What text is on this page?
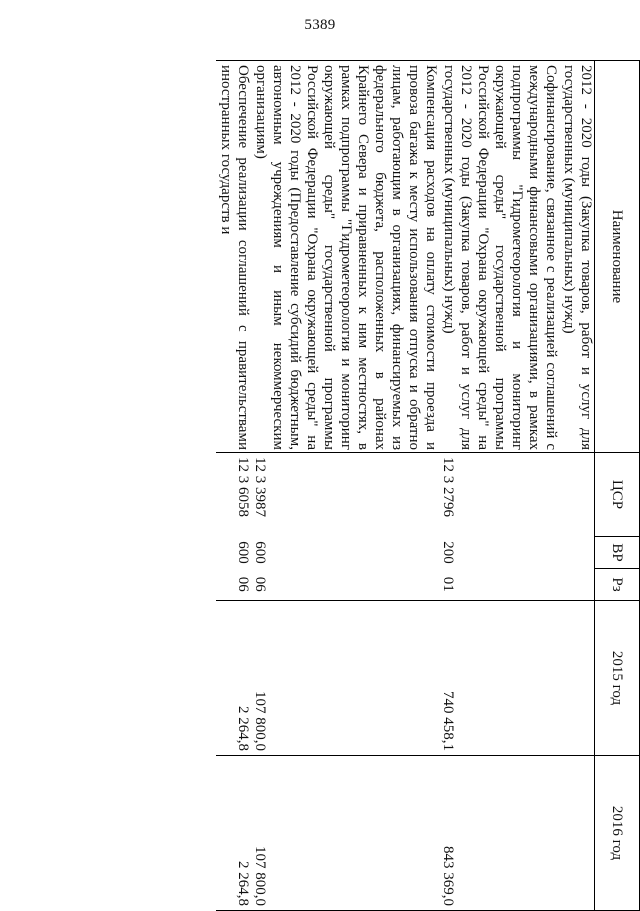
5389
Наименование	ЦСР	ВР	Рз	2015 год	2016 год
2012 - 2020 годы (Закупка товаров, работ и услуг для государственных (муниципальных) нужд)					
Софинансирование, связанное с реализацией соглашений с международными финансовыми организациями, в рамках подпрограммы "Гидрометеорология и мониторинг окружающей среды" государственной программы Российской Федерации "Охрана окружающей среды" на 2012 - 2020 годы (Закупка товаров, работ и услуг для государственных (муниципальных) нужд)	12 3 2796	200	01	740 458,1	843 369,0
Компенсация расходов на оплату стоимости проезда и провоза багажа к месту использования отпуска и обратно лицам, работающим в организациях, финансируемых из федерального бюджета, расположенных в районах Крайнего Севера и приравненных к ним местностях, в рамках подпрограммы "Гидрометеорология и мониторинг окружающей среды" государственной программы Российской Федерации "Охрана окружающей среды" на 2012 - 2020 годы (Предоставление субсидий бюджетным, автономным учреждениям и иным некоммерческим организациям)	12 3 3987	600	06	107 800,0	107 800,0
Обеспечение реализации соглашений с правительствами иностранных государств и	12 3 6058	600	06	2 264,8	2 264,8
